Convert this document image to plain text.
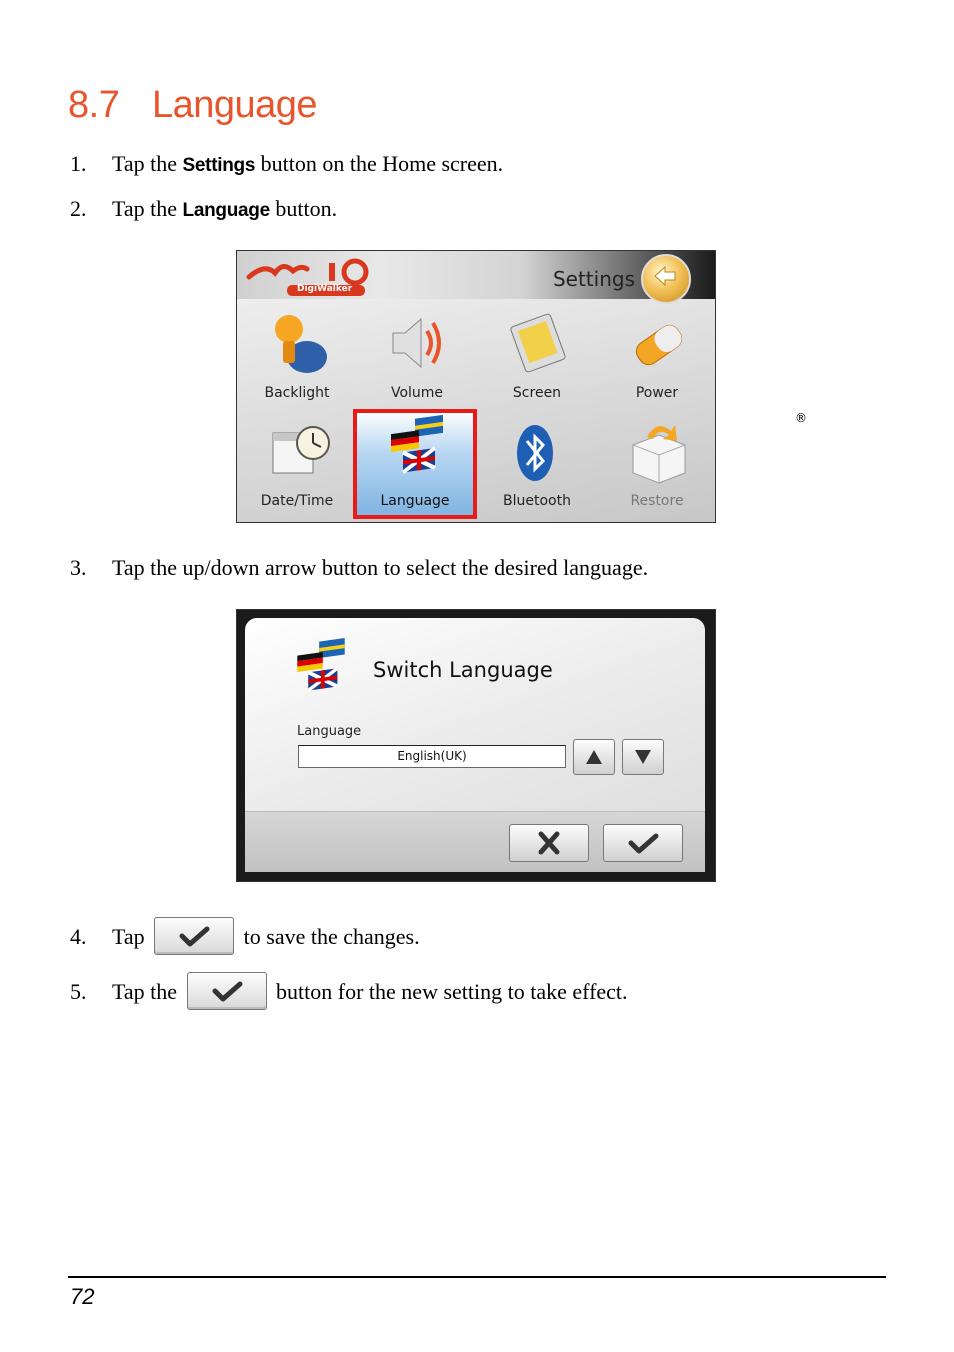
8.7 Language
1. Tap the Settings button on the Home screen.
2. Tap the Language button.
DigiWalker	Settings
Backlight	Volume	Screen	Power
Date/Time	Language
®
Bluetooth	Restore
3. Tap the up/down arrow button to select the desired language.
Switch Language
Language
English(UK)
4. Tap	to save the changes.
5. Tap the	button for the new setting to take effect.
72
